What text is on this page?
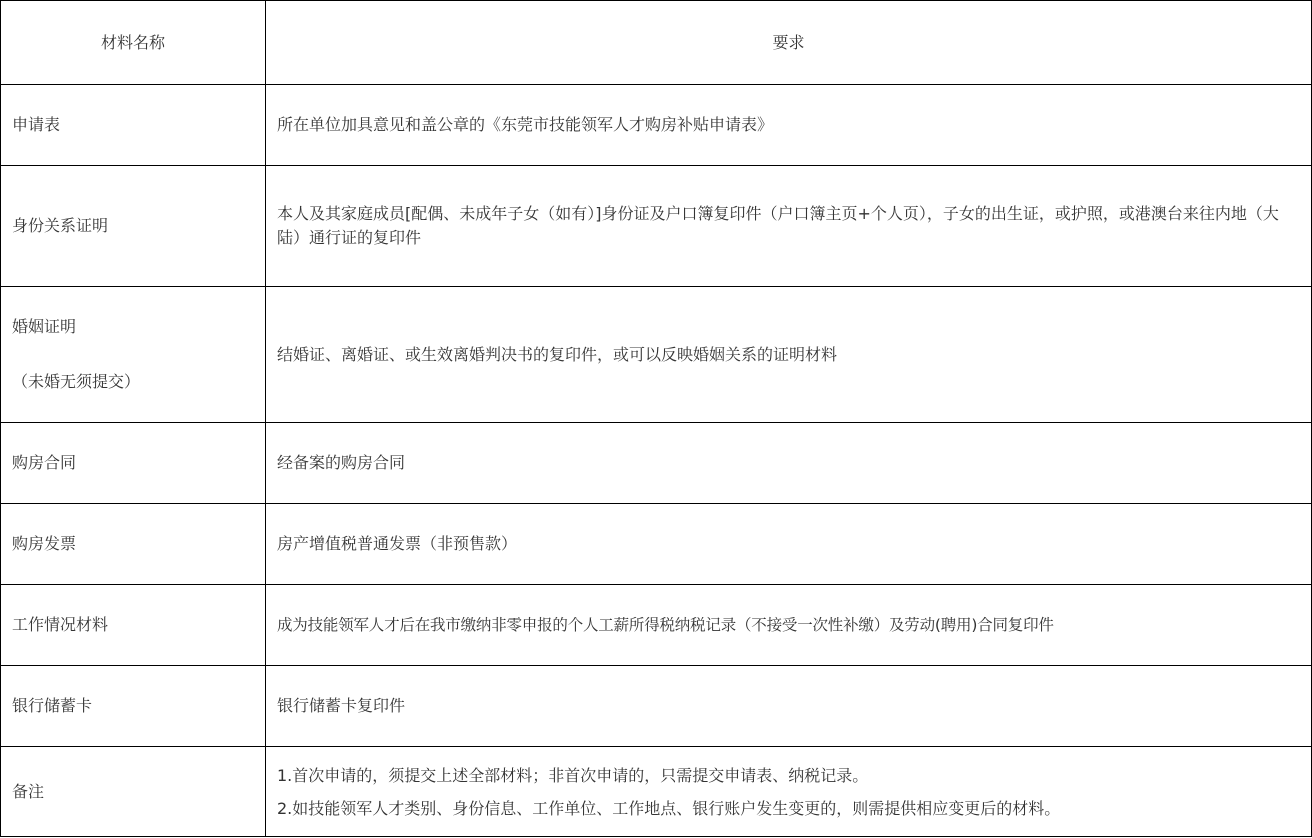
材料名称	要求
申请表	所在单位加具意见和盖公章的《东莞市技能领军人才购房补贴申请表》
身份关系证明	本人及其家庭成员[配偶、未成年子女（如有）]身份证及户口簿复印件（户口簿主页+个人页），子女的出生证，或护照，或港澳台来往内地（大陆）通行证的复印件

婚姻证明
（未婚无须提交）	结婚证、离婚证、或生效离婚判决书的复印件，或可以反映婚姻关系的证明材料
购房合同	经备案的购房合同
购房发票	房产增值税普通发票（非预售款）
工作情况材料	成为技能领军人才后在我市缴纳非零申报的个人工薪所得税纳税记录（不接受一次性补缴）及劳动(聘用)合同复印件
银行储蓄卡	银行储蓄卡复印件
备注	1.首次申请的，须提交上述全部材料；非首次申请的，只需提交申请表、纳税记录。
2.如技能领军人才类别、身份信息、工作单位、工作地点、银行账户发生变更的，则需提供相应变更后的材料。
